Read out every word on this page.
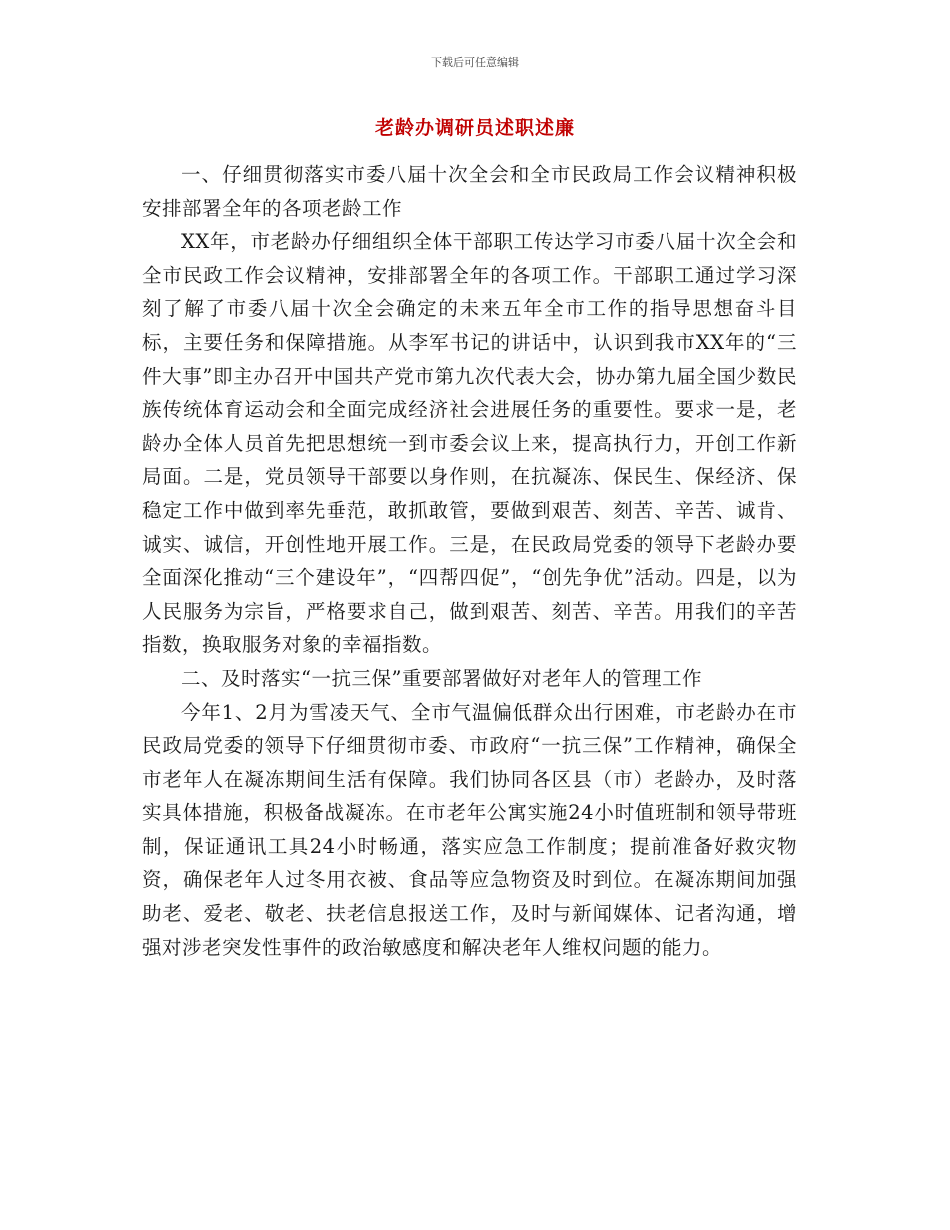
下载后可任意编辑
老龄办调研员述职述廉

一、仔细贯彻落实市委八届十次全会和全市民政局工作会议精神积极安排部署全年的各项老龄工作

XX年，市老龄办仔细组织全体干部职工传达学习市委八届十次全会和全市民政工作会议精神，安排部署全年的各项工作。干部职工通过学习深刻了解了市委八届十次全会确定的未来五年全市工作的指导思想奋斗目标，主要任务和保障措施。从李军书记的讲话中，认识到我市XX年的“三件大事”即主办召开中国共产党市第九次代表大会，协办第九届全国少数民族传统体育运动会和全面完成经济社会进展任务的重要性。要求一是，老龄办全体人员首先把思想统一到市委会议上来，提高执行力，开创工作新局面。二是，党员领导干部要以身作则，在抗凝冻、保民生、保经济、保稳定工作中做到率先垂范，敢抓敢管，要做到艰苦、刻苦、辛苦、诚肯、诚实、诚信，开创性地开展工作。三是，在民政局党委的领导下老龄办要全面深化推动“三个建设年”，“四帮四促”，“创先争优”活动。四是，以为人民服务为宗旨，严格要求自己，做到艰苦、刻苦、辛苦。用我们的辛苦指数，换取服务对象的幸福指数。

二、及时落实“一抗三保”重要部署做好对老年人的管理工作

今年1、2月为雪凌天气、全市气温偏低群众出行困难，市老龄办在市民政局党委的领导下仔细贯彻市委、市政府“一抗三保”工作精神，确保全市老年人在凝冻期间生活有保障。我们协同各区县（市）老龄办，及时落实具体措施，积极备战凝冻。在市老年公寓实施24小时值班制和领导带班制，保证通讯工具24小时畅通，落实应急工作制度；提前准备好救灾物资，确保老年人过冬用衣被、食品等应急物资及时到位。在凝冻期间加强助老、爱老、敬老、扶老信息报送工作，及时与新闻媒体、记者沟通，增强对涉老突发性事件的政治敏感度和解决老年人维权问题的能力。
